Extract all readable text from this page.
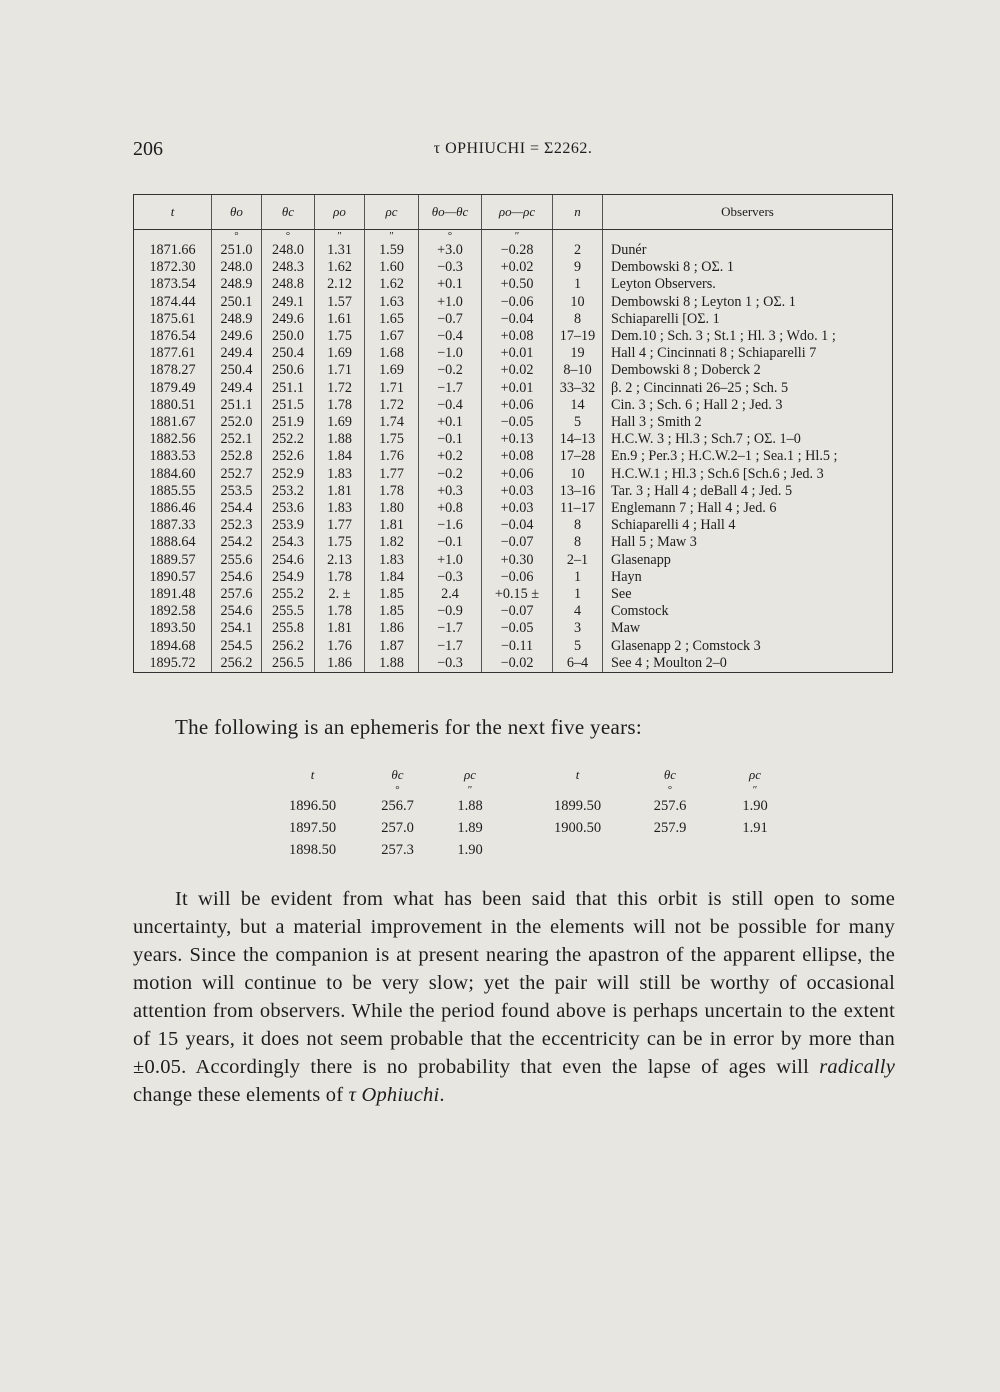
206	τ OPHIUCHI = Σ2262.
t	θo	θc	ρo	ρc	θo—θc	ρo—ρc	n	Observers
	°	°	″	″	°	″		
1871.66	251.0	248.0	1.31	1.59	+3.0	−0.28	2	Dunér
1872.30	248.0	248.3	1.62	1.60	−0.3	+0.02	9	Dembowski 8 ; OΣ. 1
1873.54	248.9	248.8	2.12	1.62	+0.1	+0.50	1	Leyton Observers.
1874.44	250.1	249.1	1.57	1.63	+1.0	−0.06	10	Dembowski 8 ; Leyton 1 ; OΣ. 1
1875.61	248.9	249.6	1.61	1.65	−0.7	−0.04	8	Schiaparelli [OΣ. 1
1876.54	249.6	250.0	1.75	1.67	−0.4	+0.08	17–19	Dem.10 ; Sch. 3 ; St.1 ; Hl. 3 ; Wdo. 1 ;
1877.61	249.4	250.4	1.69	1.68	−1.0	+0.01	19	Hall 4 ; Cincinnati 8 ; Schiaparelli 7
1878.27	250.4	250.6	1.71	1.69	−0.2	+0.02	8–10	Dembowski 8 ; Doberck 2
1879.49	249.4	251.1	1.72	1.71	−1.7	+0.01	33–32	β. 2 ; Cincinnati 26–25 ; Sch. 5
1880.51	251.1	251.5	1.78	1.72	−0.4	+0.06	14	Cin. 3 ; Sch. 6 ; Hall 2 ; Jed. 3
1881.67	252.0	251.9	1.69	1.74	+0.1	−0.05	5	Hall 3 ; Smith 2
1882.56	252.1	252.2	1.88	1.75	−0.1	+0.13	14–13	H.C.W. 3 ; Hl.3 ; Sch.7 ; OΣ. 1–0
1883.53	252.8	252.6	1.84	1.76	+0.2	+0.08	17–28	En.9 ; Per.3 ; H.C.W.2–1 ; Sea.1 ; Hl.5 ;
1884.60	252.7	252.9	1.83	1.77	−0.2	+0.06	10	H.C.W.1 ; Hl.3 ; Sch.6 [Sch.6 ; Jed. 3
1885.55	253.5	253.2	1.81	1.78	+0.3	+0.03	13–16	Tar. 3 ; Hall 4 ; deBall 4 ; Jed. 5
1886.46	254.4	253.6	1.83	1.80	+0.8	+0.03	11–17	Englemann 7 ; Hall 4 ; Jed. 6
1887.33	252.3	253.9	1.77	1.81	−1.6	−0.04	8	Schiaparelli 4 ; Hall 4
1888.64	254.2	254.3	1.75	1.82	−0.1	−0.07	8	Hall 5 ; Maw 3
1889.57	255.6	254.6	2.13	1.83	+1.0	+0.30	2–1	Glasenapp
1890.57	254.6	254.9	1.78	1.84	−0.3	−0.06	1	Hayn
1891.48	257.6	255.2	2. ±	1.85	2.4	+0.15 ±	1	See
1892.58	254.6	255.5	1.78	1.85	−0.9	−0.07	4	Comstock
1893.50	254.1	255.8	1.81	1.86	−1.7	−0.05	3	Maw
1894.68	254.5	256.2	1.76	1.87	−1.7	−0.11	5	Glasenapp 2 ; Comstock 3
1895.72	256.2	256.5	1.86	1.88	−0.3	−0.02	6–4	See 4 ; Moulton 2–0
The following is an ephemeris for the next five years:
t	θc	ρc
	°	″
1896.50	256.7	1.88
1897.50	257.0	1.89
1898.50	257.3	1.90
t	θc	ρc
	°	″
1899.50	257.6	1.90
1900.50	257.9	1.91
It will be evident from what has been said that this orbit is still open to some uncertainty, but a material improvement in the elements will not be possible for many years. Since the companion is at present nearing the apastron of the apparent ellipse, the motion will continue to be very slow; yet the pair will still be worthy of occasional attention from observers. While the period found above is perhaps uncertain to the extent of 15 years, it does not seem probable that the eccentricity can be in error by more than ±0.05. Accordingly there is no probability that even the lapse of ages will radically change these elements of τ Ophiuchi.
